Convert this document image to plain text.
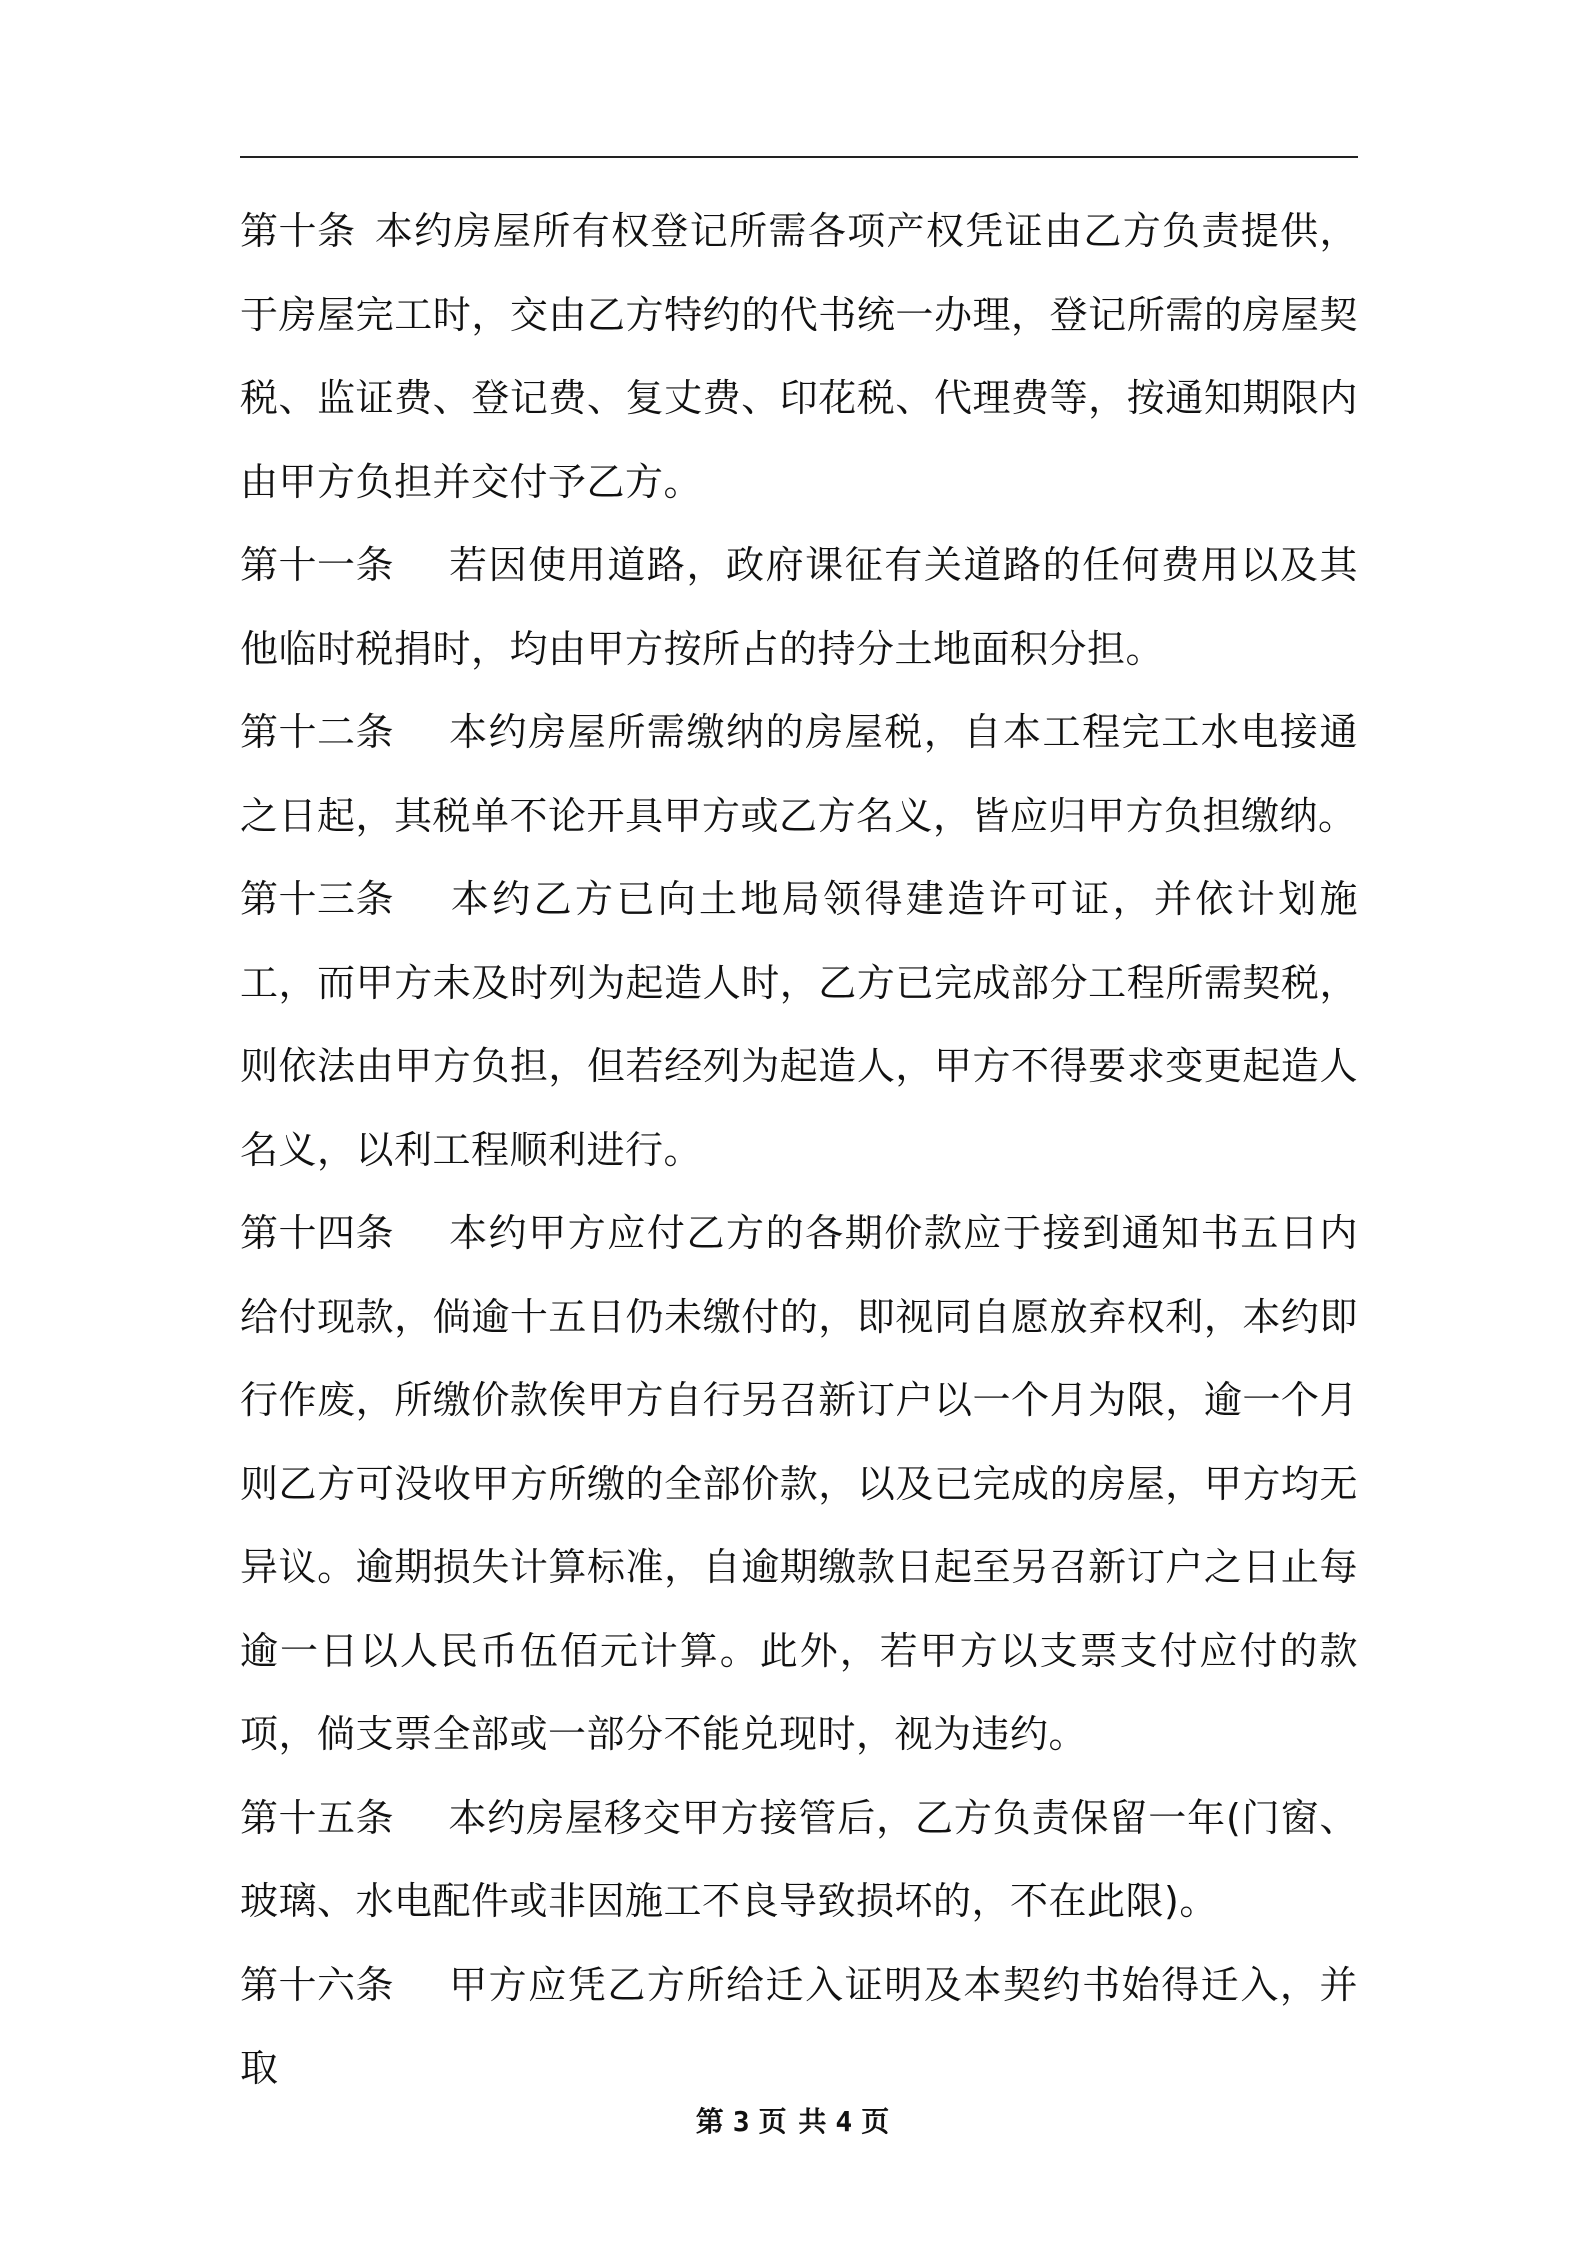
第十条 本约房屋所有权登记所需各项产权凭证由乙方负责提供，于房屋完工时，交由乙方特约的代书统一办理，登记所需的房屋契税、监证费、登记费、复丈费、印花税、代理费等，按通知期限内由甲方负担并交付予乙方。

第十一条 若因使用道路，政府课征有关道路的任何费用以及其他临时税捐时，均由甲方按所占的持分土地面积分担。

第十二条 本约房屋所需缴纳的房屋税，自本工程完工水电接通之日起，其税单不论开具甲方或乙方名义，皆应归甲方负担缴纳。

第十三条 本约乙方已向土地局领得建造许可证，并依计划施工，而甲方未及时列为起造人时，乙方已完成部分工程所需契税，则依法由甲方负担，但若经列为起造人，甲方不得要求变更起造人名义，以利工程顺利进行。

第十四条 本约甲方应付乙方的各期价款应于接到通知书五日内给付现款，倘逾十五日仍未缴付的，即视同自愿放弃权利，本约即行作废，所缴价款俟甲方自行另召新订户以一个月为限，逾一个月则乙方可没收甲方所缴的全部价款，以及已完成的房屋，甲方均无异议。逾期损失计算标准，自逾期缴款日起至另召新订户之日止每逾一日以人民币伍佰元计算。此外，若甲方以支票支付应付的款项，倘支票全部或一部分不能兑现时，视为违约。

第十五条 本约房屋移交甲方接管后，乙方负责保留一年(门窗、玻璃、水电配件或非因施工不良导致损坏的，不在此限)。

第十六条 甲方应凭乙方所给迁入证明及本契约书始得迁入，并取

第 3 页 共 4 页
